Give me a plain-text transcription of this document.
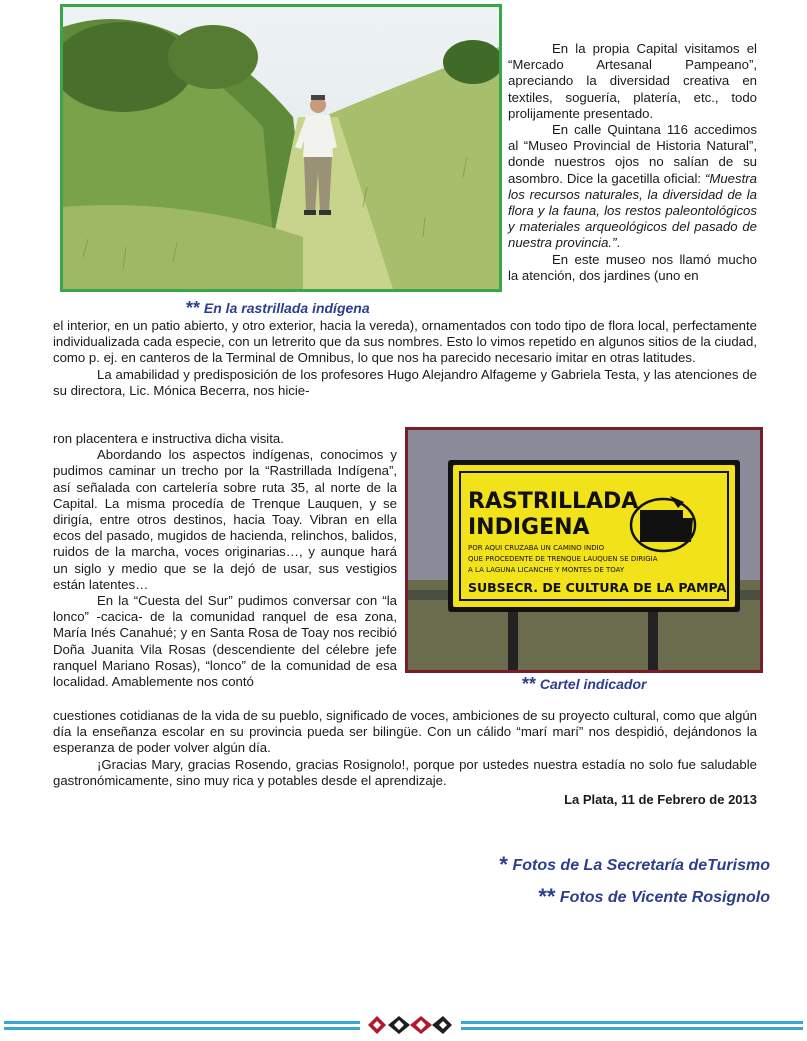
En la propia Capital visitamos el “Mercado Artesanal Pampeano”, apreciando la diversidad creativa en textiles, soguería, platería, etc., todo prolijamente presentado.

En calle Quintana 116 accedimos al “Museo Provincial de Historia Natural”, donde nuestros ojos no salían de su asombro. Dice la gacetilla oficial: “Muestra los recursos naturales, la diversidad de la flora y la fauna, los restos paleontológicos y materiales arqueológicos del pasado de nuestra provincia.”.

En este museo nos llamó mucho la atención, dos jardines (uno en

** En la rastrillada indígena

el interior, en un patio abierto, y otro exterior, hacia la vereda), ornamentados con todo tipo de flora local, perfectamente individualizada cada especie, con un letrerito que da sus nombres. Esto lo vimos repetido en algunos sitios de la ciudad, como p. ej. en canteros de la Terminal de Omnibus, lo que nos ha parecido necesario imitar en otras latitudes.

La amabilidad y predisposición de los profesores Hugo Alejandro Alfageme y Gabriela Testa, y las atenciones de su directora, Lic. Mónica Becerra, nos hicie-

ron placentera e instructiva dicha visita.

Abordando los aspectos indígenas, conocimos y pudimos caminar un trecho por la “Rastrillada Indígena”, así señalada con cartelería sobre ruta 35, al norte de la Capital. La misma procedía de Trenque Lauquen, y se dirigía, entre otros destinos, hacia Toay. Vibran en ella ecos del pasado, mugidos de hacienda, relinchos, balidos, ruidos de la marcha, voces originarias…, y aunque hará un siglo y medio que se la dejó de usar, sus vestigios están latentes…

En la “Cuesta del Sur” pudimos conversar con “la lonco” -cacica- de la comunidad ranquel de esa zona, María Inés Canahué; y en Santa Rosa de Toay nos recibió Doña Juanita Vila Rosas (descendiente del célebre jefe ranquel Mariano Rosas), “lonco” de la comunidad de esa localidad. Amablemente nos contó

RASTRILLADA
INDIGENA
POR AQUI CRUZABA UN CAMINO INDIO
QUE PROCEDENTE DE TRENQUE LAUQUEN SE DIRIGIA
A LA LAGUNA LICANCHE Y MONTES DE TOAY
SUBSECR. DE CULTURA DE LA PAMPA
** Cartel indicador

cuestiones cotidianas de la vida de su pueblo, significado de voces, ambiciones de su proyecto cultural, como que algún día la enseñanza escolar en su provincia pueda ser bilingüe. Con un cálido “marí marí” nos despidió, dejándonos la esperanza de poder volver algún día.

¡Gracias Mary, gracias Rosendo, gracias Rosignolo!, porque por ustedes nuestra estadía no solo fue saludable gastronómicamente, sino muy rica y potables desde el aprendizaje.

La Plata, 11 de Febrero de 2013
* Fotos de La Secretaría deTurismo
** Fotos de Vicente Rosignolo
